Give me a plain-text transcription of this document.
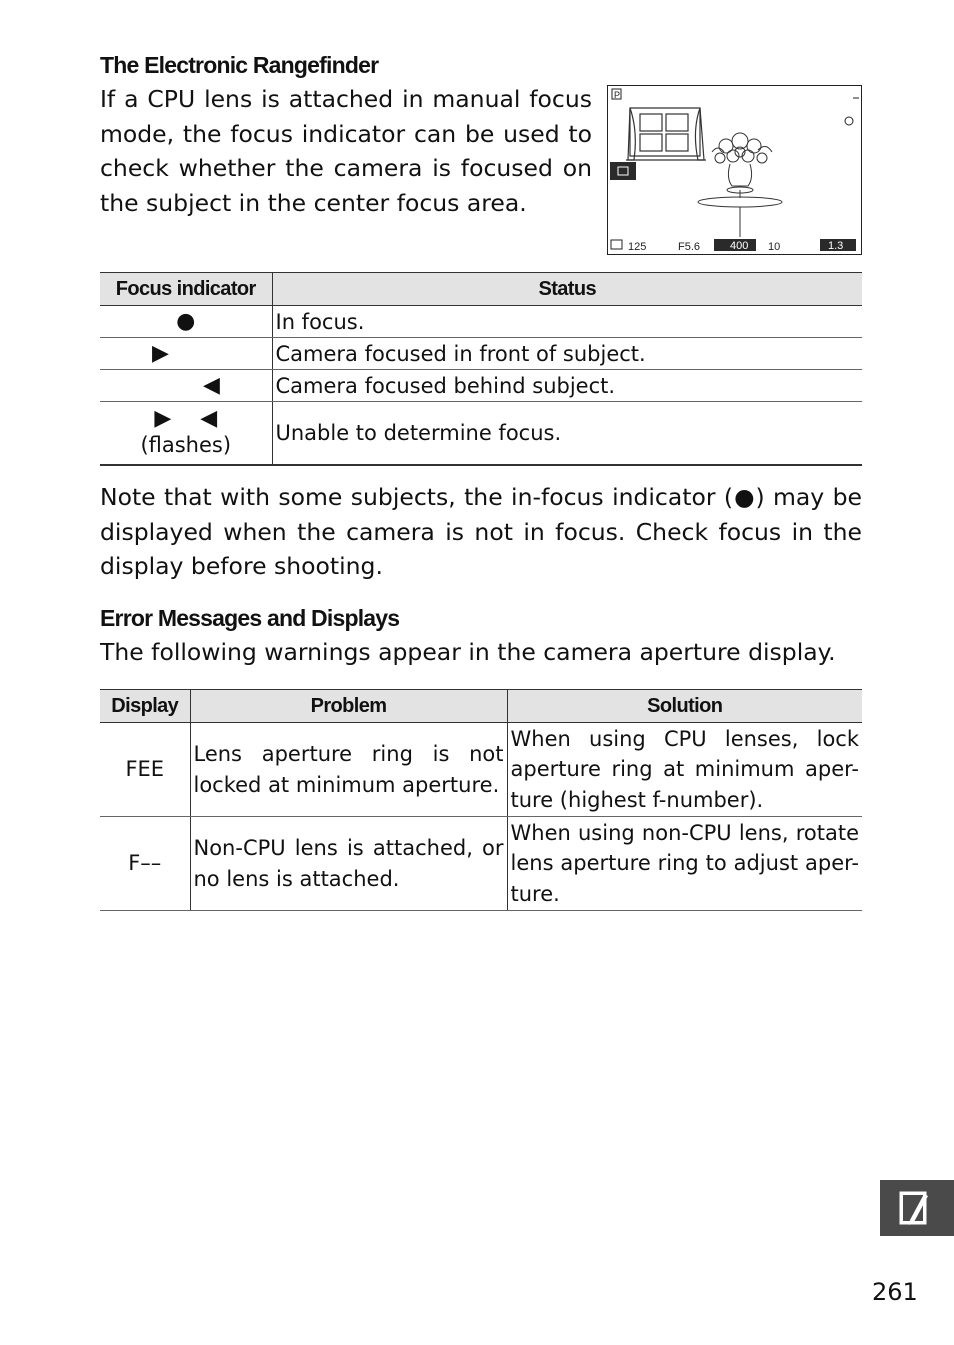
The Electronic Rangefinder

If a CPU lens is attached in manual focus mode, the focus indicator can be used to check whether the camera is focused on the subject in the center focus area.

P
125	F5.6	400 10	1.3
Focus indicator	Status
●	In focus.
▶	Camera focused in front of subject.
◀	Camera focused behind subject.

▶ ◀
(flashes)	Unable to determine focus.

Note that with some subjects, the in-focus indicator (●) may be displayed when the camera is not in focus. Check focus in the display before shooting.

Error Messages and Displays
The following warnings appear in the camera aperture display.
Display	Problem	Solution
FEE	Lens aperture ring is not locked at minimum aperture.	When using CPU lenses, lock aperture ring at minimum aper-ture (highest f-number).
F––	Non-CPU lens is attached, or no lens is attached.	When using non-CPU lens, rotate lens aperture ring to adjust aper-ture.
261
